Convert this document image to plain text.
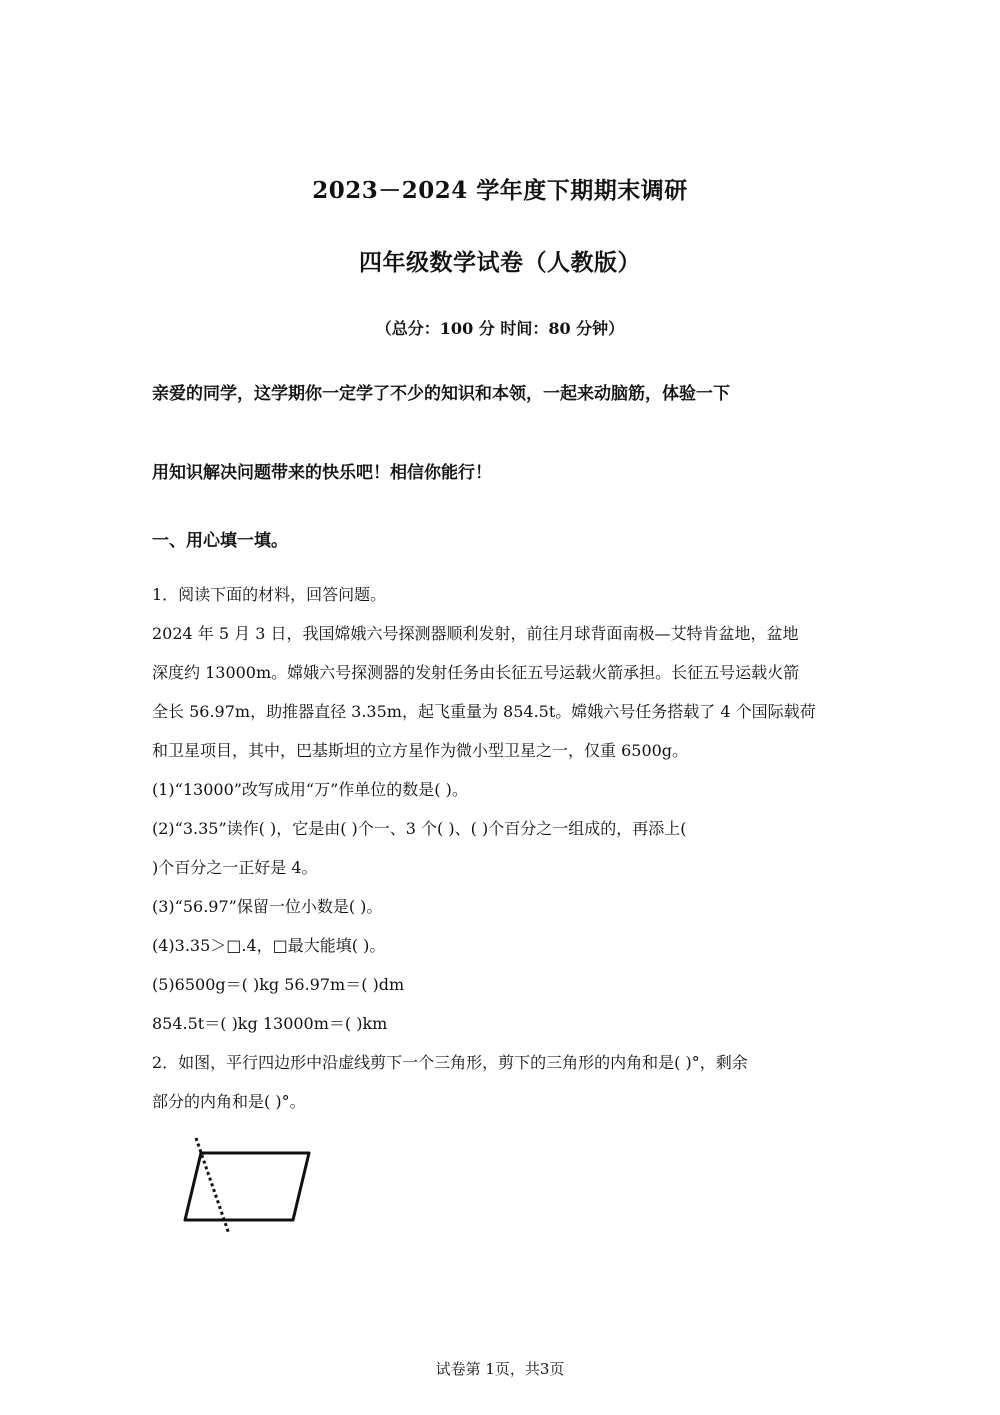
2023－2024 学年度下期期末调研
四年级数学试卷（人教版）
（总分：100 分 时间：80 分钟）
亲爱的同学，这学期你一定学了不少的知识和本领，一起来动脑筋，体验一下
用知识解决问题带来的快乐吧！相信你能行！
一、用心填一填。
1．阅读下面的材料，回答问题。
2024 年 5 月 3 日，我国嫦娥六号探测器顺利发射，前往月球背面南极—艾特肯盆地，盆地
深度约 13000m。嫦娥六号探测器的发射任务由长征五号运载火箭承担。长征五号运载火箭
全长 56.97m，助推器直径 3.35m，起飞重量为 854.5t。嫦娥六号任务搭载了 4 个国际载荷
和卫星项目，其中，巴基斯坦的立方星作为微小型卫星之一，仅重 6500g。
(1)“13000”改写成用“万”作单位的数是( )。
(2)“3.35”读作( )，它是由( )个一、3 个( )、( )个百分之一组成的，再添上(
)个百分之一正好是 4。
(3)“56.97”保留一位小数是( )。
(4)3.35＞□.4，□最大能填( )。
(5)6500g＝( )kg 56.97m＝( )dm
854.5t＝( )kg 13000m＝( )km
2．如图，平行四边形中沿虚线剪下一个三角形，剪下的三角形的内角和是( )°，剩余
部分的内角和是( )°。
试卷第 1页，共3页
